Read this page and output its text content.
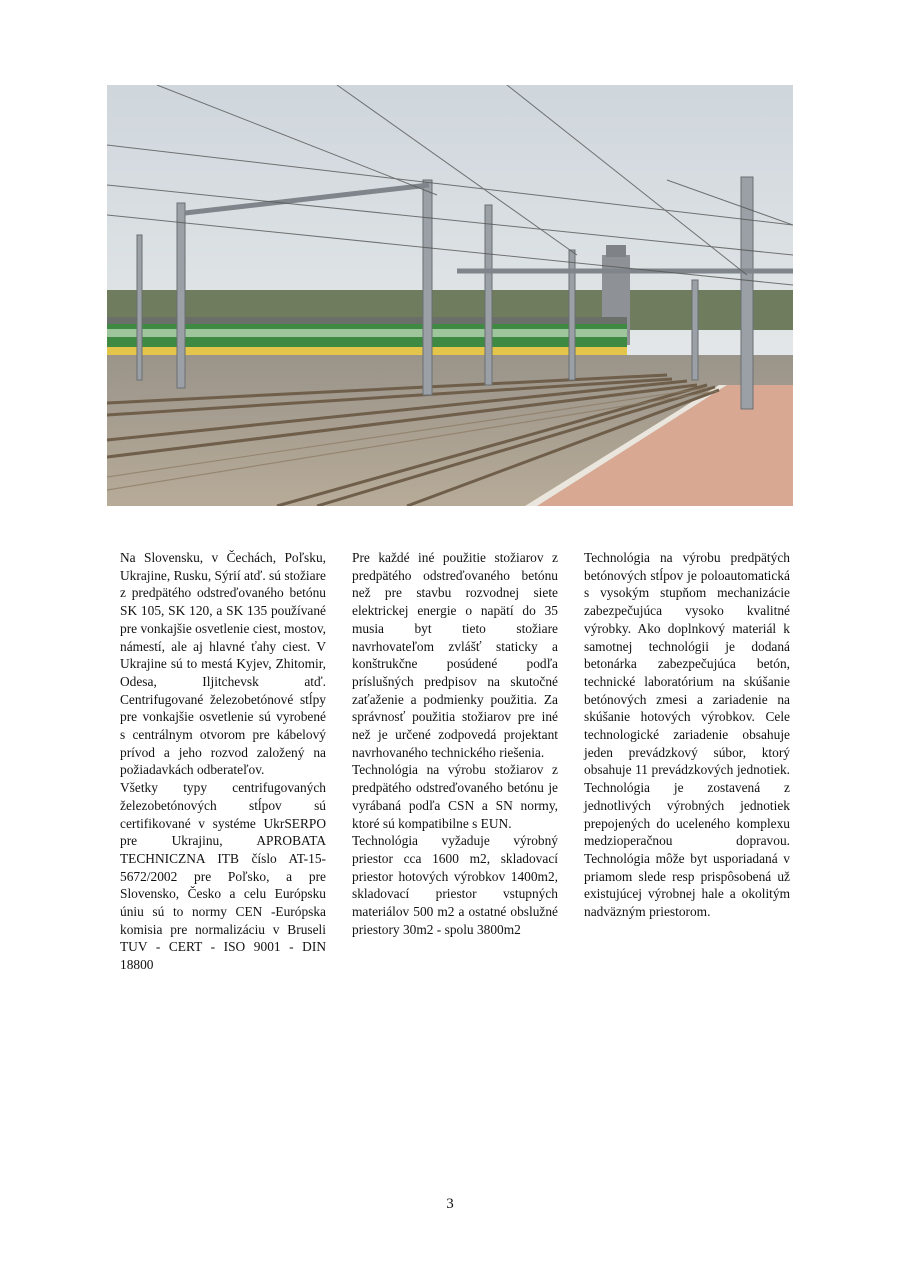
Na Slovensku, v Čechách, Poľsku, Ukrajine, Rusku, Sýrií atď. sú stožiare z predpätého odstreďovaného betónu SK 105, SK 120, a SK 135 používané pre vonkajšie osvetlenie ciest, mostov, námestí, ale aj hlavné ťahy ciest. V Ukrajine sú to mestá Kyjev, Zhitomir, Odesa, Iljitchevsk atď. Centrifugované železobetónové stĺpy pre vonkajšie osvetlenie sú vyrobené s centrálnym otvorom pre kábelový prívod a jeho rozvod založený na požiadavkách odberateľov.

Všetky typy centrifugovaných železobetónových stĺpov sú certifikované v systéme UkrSERPO pre Ukrajinu, APROBATA TECHNICZNA ITB číslo AT-15-5672/2002 pre Poľsko, a pre Slovensko, Česko a celu Európsku úniu sú to normy CEN -Európska komisia pre normalizáciu v Bruseli TUV - CERT - ISO 9001 - DIN 18800

Pre každé iné použitie stožiarov z predpätého odstreďovaného betónu než pre stavbu rozvodnej siete elektrickej energie o napätí do 35 musia byt tieto stožiare navrhovateľom zvlášť staticky a konštrukčne posúdené podľa príslušných predpisov na skutočné zaťaženie a podmienky použitia. Za správnosť použitia stožiarov pre iné než je určené zodpovedá projektant navrhovaného technického riešenia.

Technológia na výrobu stožiarov z predpätého odstreďovaného betónu je vyrábaná podľa CSN a SN normy, ktoré sú kompatibilne s EUN.

Technológia vyžaduje výrobný priestor cca 1600 m2, skladovací priestor hotových výrobkov 1400m2, skladovací priestor vstupných materiálov 500 m2 a ostatné obslužné priestory 30m2 - spolu 3800m2

Technológia na výrobu predpätých betónových stĺpov je poloautomatická s vysokým stupňom mechanizácie zabezpečujúca vysoko kvalitné výrobky. Ako doplnkový materiál k samotnej technológii je dodaná betonárka zabezpečujúca betón, technické laboratórium na skúšanie betónových zmesi a zariadenie na skúšanie hotových výrobkov. Cele technologické zariadenie obsahuje jeden prevádzkový súbor, ktorý obsahuje 11 prevádzkových jednotiek. Technológia je zostavená z jednotlivých výrobných jednotiek prepojených do uceleného komplexu medzioperačnou dopravou. Technológia môže byt usporiadaná v priamom slede resp prispôsobená už existujúcej výrobnej hale a okolitým nadväzným priestorom.

3
